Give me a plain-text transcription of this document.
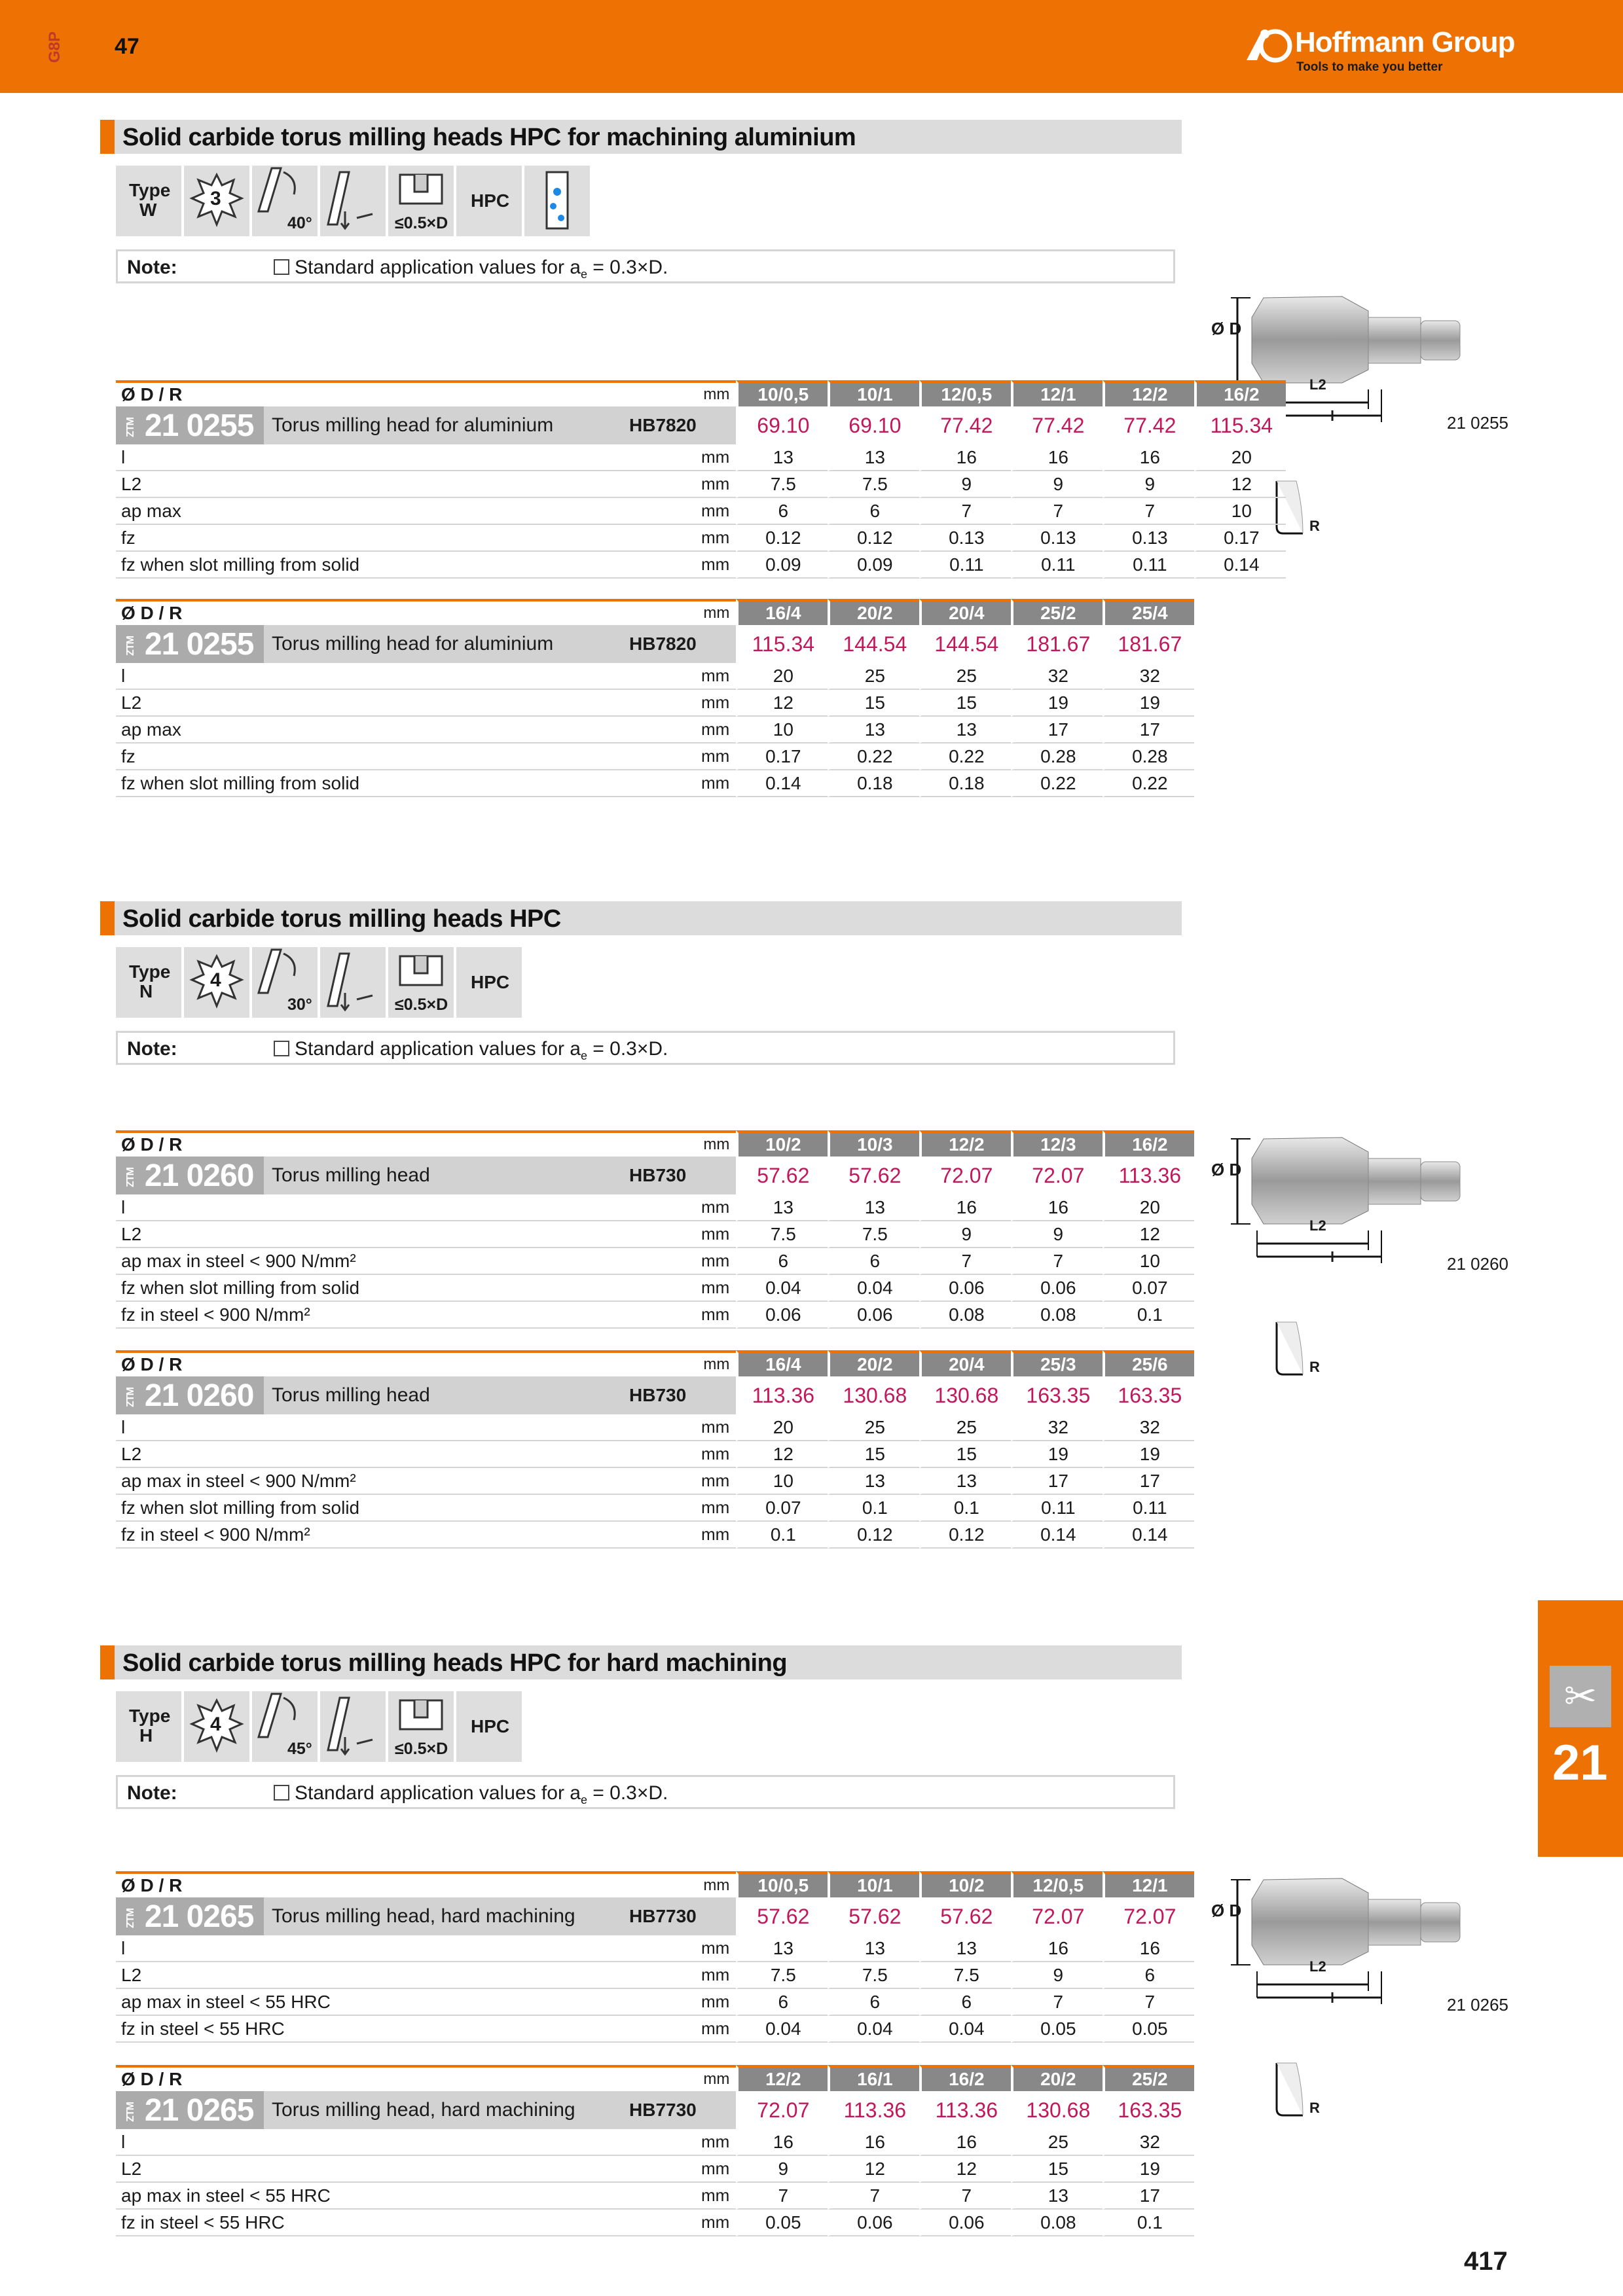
G8P 47	Hoffmann Group
Tools to make you better
Solid carbide torus milling heads HPC for machining aluminium
Type
W
3
40°	≤0.5×D
HPC
Note:	Standard application values for $a_e = 0.3\times D$.
Solid carbide torus milling heads HPC
Type
N
4
30°	≤0.5×D
HPC
Note:	Standard application values for $a_e = 0.3\times D$.
Solid carbide torus milling heads HPC for hard machining
Type
H
4
45°	≤0.5×D
HPC
Note:	Standard application values for $a_e = 0.3\times D$.
✂
21
417
Ø D
L2
l
R
21 0255
Ø D / R			mm	10/0,5	10/1	12/0,5	12/1	12/2	16/2
ZTM 21 0255	Torus milling head for aluminium	HB7820		69.10	69.10	77.42	77.42	77.42	115.34
l			mm	13	13	16	16	16	20
L2			mm	7.5	7.5	9	9	9	12
ap max			mm	6	6	7	7	7	10
fz			mm	0.12	0.12	0.13	0.13	0.13	0.17
fz when slot milling from solid			mm	0.09	0.09	0.11	0.11	0.11	0.14
Ø D / R			mm	16/4	20/2	20/4	25/2	25/4
ZTM 21 0255	Torus milling head for aluminium	HB7820		115.34	144.54	144.54	181.67	181.67
l			mm	20	25	25	32	32
L2			mm	12	15	15	19	19
ap max			mm	10	13	13	17	17
fz			mm	0.17	0.22	0.22	0.28	0.28
fz when slot milling from solid			mm	0.14	0.18	0.18	0.22	0.22
Ø D
L2
l
R
21 0260
Ø D / R			mm	10/2	10/3	12/2	12/3	16/2
ZTM 21 0260	Torus milling head	HB730		57.62	57.62	72.07	72.07	113.36
l			mm	13	13	16	16	20
L2			mm	7.5	7.5	9	9	12
ap max in steel < 900 N/mm²			mm	6	6	7	7	10
fz when slot milling from solid			mm	0.04	0.04	0.06	0.06	0.07
fz in steel < 900 N/mm²			mm	0.06	0.06	0.08	0.08	0.1
Ø D / R			mm	16/4	20/2	20/4	25/3	25/6
ZTM 21 0260	Torus milling head	HB730		113.36	130.68	130.68	163.35	163.35
l			mm	20	25	25	32	32
L2			mm	12	15	15	19	19
ap max in steel < 900 N/mm²			mm	10	13	13	17	17
fz when slot milling from solid			mm	0.07	0.1	0.1	0.11	0.11
fz in steel < 900 N/mm²			mm	0.1	0.12	0.12	0.14	0.14
Ø D
L2
l
R
21 0265
Ø D / R			mm	10/0,5	10/1	10/2	12/0,5	12/1
ZTM 21 0265	Torus milling head, hard machining	HB7730		57.62	57.62	57.62	72.07	72.07
l			mm	13	13	13	16	16
L2			mm	7.5	7.5	7.5	9	6
ap max in steel < 55 HRC			mm	6	6	6	7	7
fz in steel < 55 HRC			mm	0.04	0.04	0.04	0.05	0.05
Ø D / R			mm	12/2	16/1	16/2	20/2	25/2
ZTM 21 0265	Torus milling head, hard machining	HB7730		72.07	113.36	113.36	130.68	163.35
l			mm	16	16	16	25	32
L2			mm	9	12	12	15	19
ap max in steel < 55 HRC			mm	7	7	7	13	17
fz in steel < 55 HRC			mm	0.05	0.06	0.06	0.08	0.1
